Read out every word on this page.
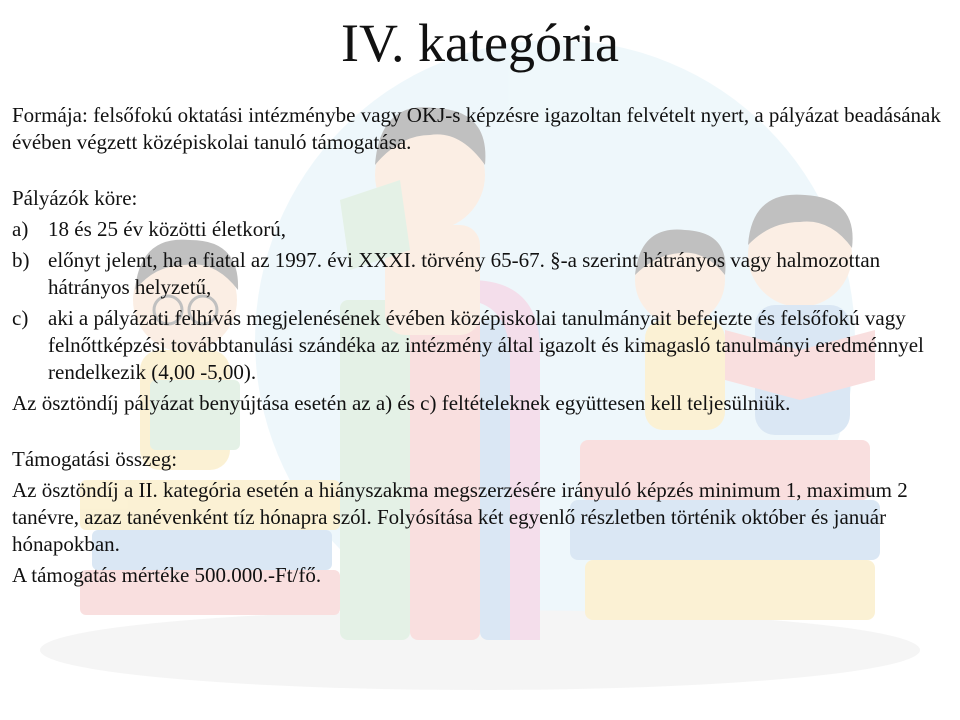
IV. kategória

Formája: felsőfokú oktatási intézménybe vagy OKJ-s képzésre igazoltan felvételt nyert, a pályázat beadásának évében végzett középiskolai tanuló támogatása.

Pályázók köre:

a) 18 és 25 év közötti életkorú,
b) előnyt jelent, ha a fiatal az 1997. évi XXXI. törvény 65-67. §-a szerint hátrányos vagy halmozottan hátrányos helyzetű,
c) aki a pályázati felhívás megjelenésének évében középiskolai tanulmányait befejezte és felsőfokú vagy felnőttképzési továbbtanulási szándéka az intézmény által igazolt és kimagasló tanulmányi eredménnyel rendelkezik (4,00 -5,00).

Az ösztöndíj pályázat benyújtása esetén az a) és c) feltételeknek együttesen kell teljesülniük.

Támogatási összeg:

Az ösztöndíj a II. kategória esetén a hiányszakma megszerzésére irányuló képzés minimum 1, maximum 2 tanévre, azaz tanévenként tíz hónapra szól. Folyósítása két egyenlő részletben történik október és január hónapokban.

A támogatás mértéke 500.000.-Ft/fő.
